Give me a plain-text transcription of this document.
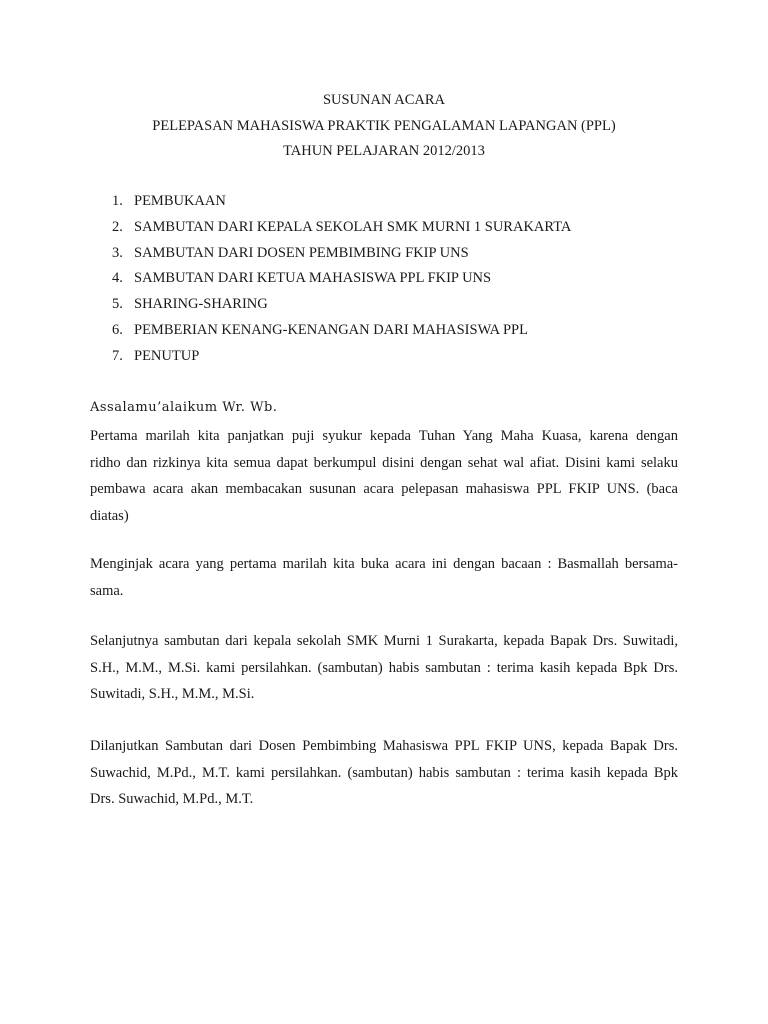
SUSUNAN ACARA
PELEPASAN MAHASISWA PRAKTIK PENGALAMAN LAPANGAN (PPL)
TAHUN PELAJARAN 2012/2013
1. PEMBUKAAN
2. SAMBUTAN DARI KEPALA SEKOLAH SMK MURNI 1 SURAKARTA
3. SAMBUTAN DARI DOSEN PEMBIMBING FKIP UNS
4. SAMBUTAN DARI KETUA MAHASISWA PPL FKIP UNS
5. SHARING-SHARING
6. PEMBERIAN KENANG-KENANGAN DARI MAHASISWA PPL
7. PENUTUP
Assalamu’alaikum Wr. Wb.

Pertama marilah kita panjatkan puji syukur kepada Tuhan Yang Maha Kuasa, karena dengan
ridho dan rizkinya kita semua dapat berkumpul disini dengan sehat wal afiat. Disini kami selaku
pembawa acara akan membacakan susunan acara pelepasan mahasiswa PPL FKIP UNS. (baca
diatas)

Menginjak acara yang pertama marilah kita buka acara ini dengan bacaan : Basmallah bersama-
sama.

Selanjutnya sambutan dari kepala sekolah SMK Murni 1 Surakarta, kepada Bapak Drs. Suwitadi,
S.H., M.M., M.Si. kami persilahkan. (sambutan) habis sambutan : terima kasih kepada Bpk Drs.
Suwitadi, S.H., M.M., M.Si.

Dilanjutkan Sambutan dari Dosen Pembimbing Mahasiswa PPL FKIP UNS, kepada Bapak Drs.
Suwachid, M.Pd., M.T. kami persilahkan. (sambutan) habis sambutan : terima kasih kepada Bpk
Drs. Suwachid, M.Pd., M.T.
